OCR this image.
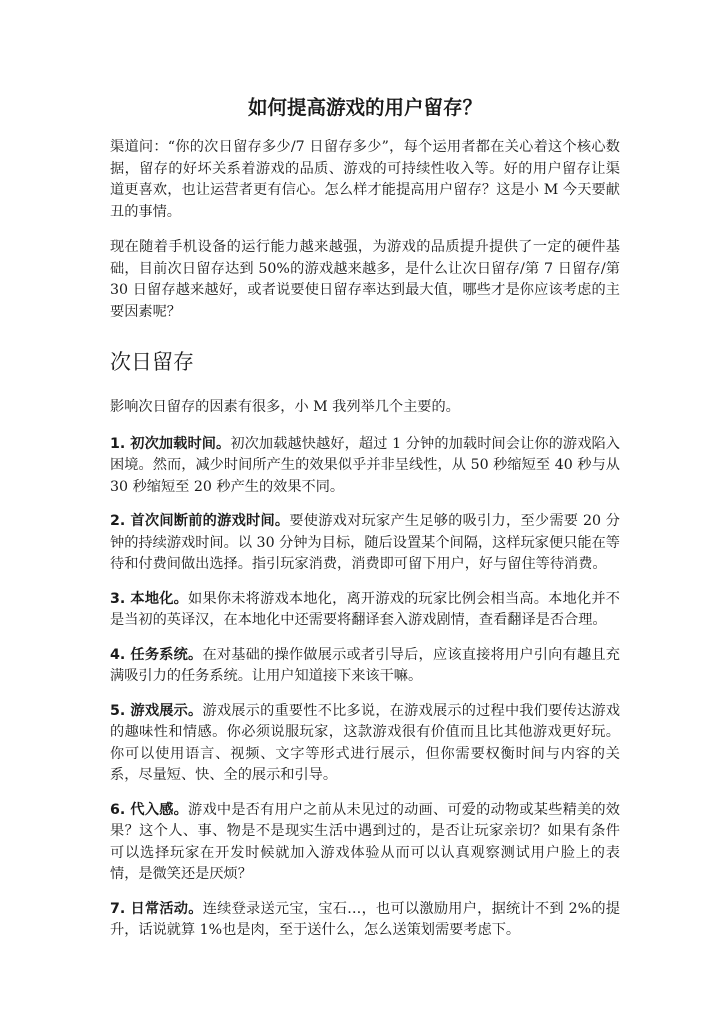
如何提高游戏的用户留存？

渠道问：“你的次日留存多少/7 日留存多少”，每个运用者都在关心着这个核心数据，留存的好坏关系着游戏的品质、游戏的可持续性收入等。好的用户留存让渠道更喜欢，也让运营者更有信心。怎么样才能提高用户留存？这是小 M 今天要献丑的事情。

现在随着手机设备的运行能力越来越强，为游戏的品质提升提供了一定的硬件基础，目前次日留存达到 50%的游戏越来越多，是什么让次日留存/第 7 日留存/第 30 日留存越来越好，或者说要使日留存率达到最大值，哪些才是你应该考虑的主要因素呢？

次日留存

影响次日留存的因素有很多，小 M 我列举几个主要的。

1. 初次加载时间。初次加载越快越好，超过 1 分钟的加载时间会让你的游戏陷入困境。然而，减少时间所产生的效果似乎并非呈线性，从 50 秒缩短至 40 秒与从 30 秒缩短至 20 秒产生的效果不同。
2. 首次间断前的游戏时间。要使游戏对玩家产生足够的吸引力，至少需要 20 分钟的持续游戏时间。以 30 分钟为目标，随后设置某个间隔，这样玩家便只能在等待和付费间做出选择。指引玩家消费，消费即可留下用户，好与留住等待消费。
3. 本地化。如果你未将游戏本地化，离开游戏的玩家比例会相当高。本地化并不是当初的英译汉，在本地化中还需要将翻译套入游戏剧情，查看翻译是否合理。
4. 任务系统。在对基础的操作做展示或者引导后，应该直接将用户引向有趣且充满吸引力的任务系统。让用户知道接下来该干嘛。
5. 游戏展示。游戏展示的重要性不比多说，在游戏展示的过程中我们要传达游戏的趣味性和情感。你必须说服玩家，这款游戏很有价值而且比其他游戏更好玩。你可以使用语言、视频、文字等形式进行展示，但你需要权衡时间与内容的关系，尽量短、快、全的展示和引导。
6. 代入感。游戏中是否有用户之前从未见过的动画、可爱的动物或某些精美的效果？这个人、事、物是不是现实生活中遇到过的，是否让玩家亲切？如果有条件可以选择玩家在开发时候就加入游戏体验从而可以认真观察测试用户脸上的表情，是微笑还是厌烦？
7. 日常活动。连续登录送元宝，宝石…，也可以激励用户，据统计不到 2%的提升，话说就算 1%也是肉，至于送什么，怎么送策划需要考虑下。
